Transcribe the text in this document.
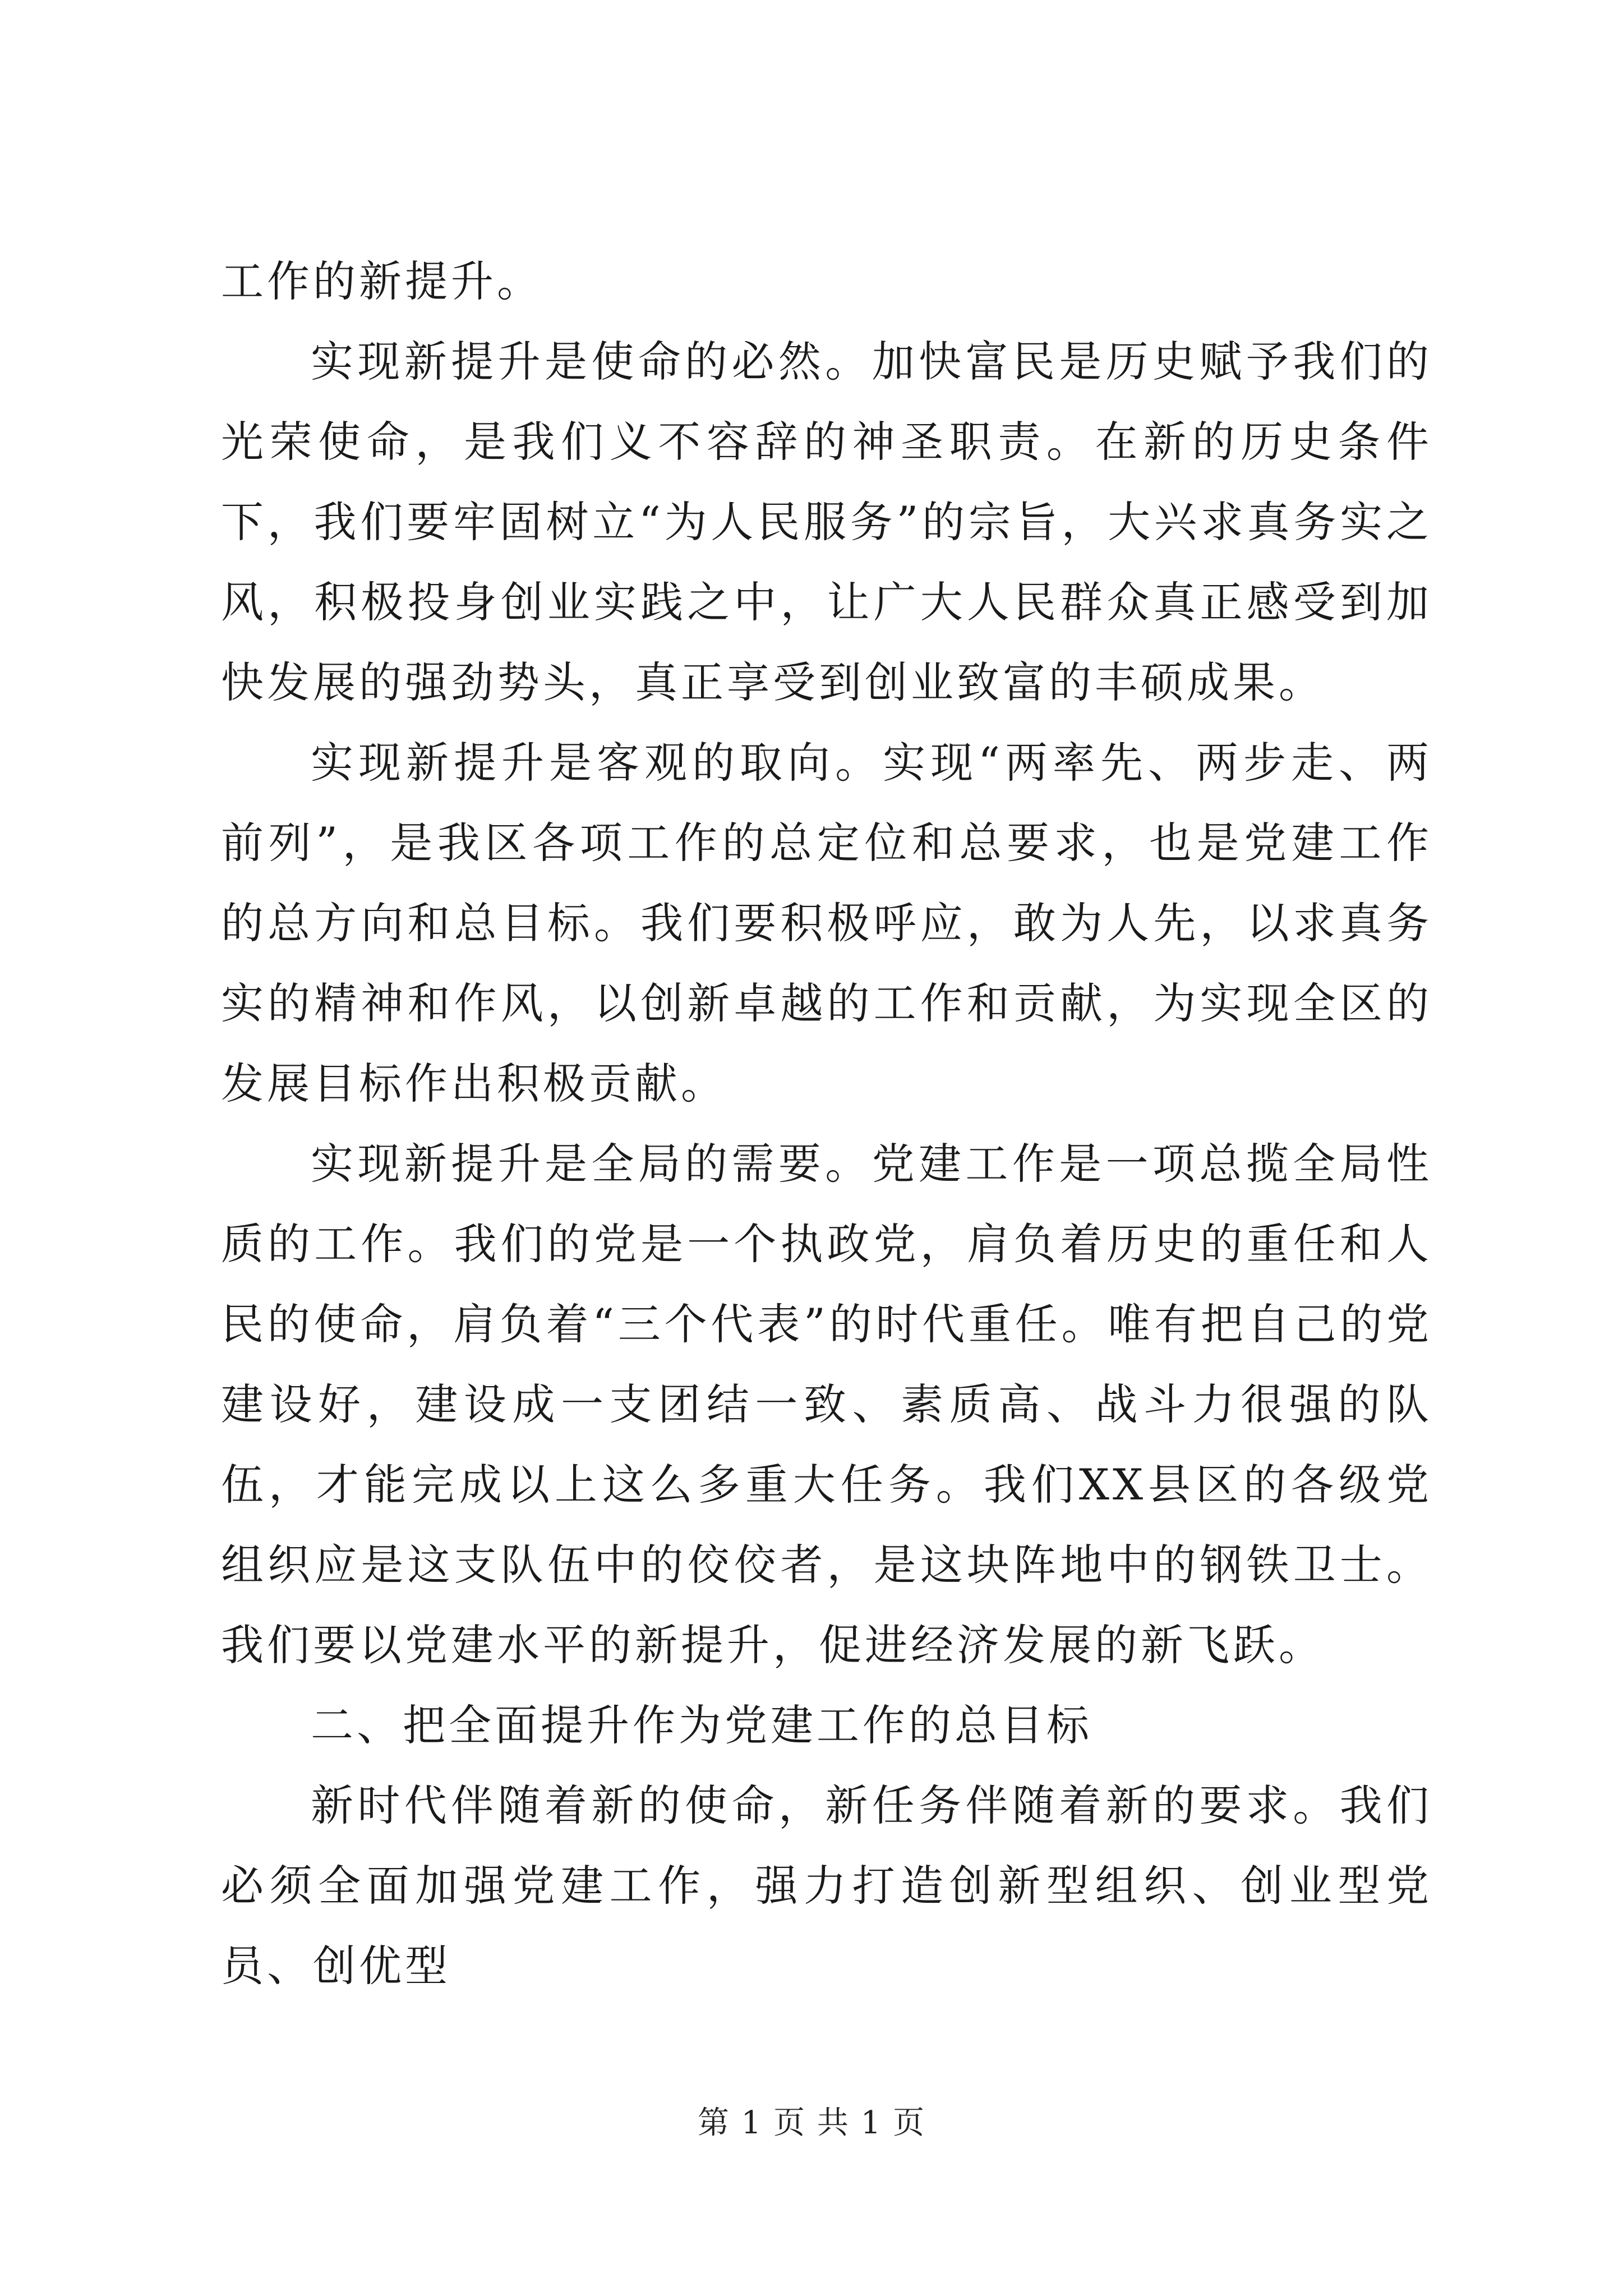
工作的新提升。

实现新提升是使命的必然。加快富民是历史赋予我们的光荣使命，是我们义不容辞的神圣职责。在新的历史条件下，我们要牢固树立“为人民服务”的宗旨，大兴求真务实之风，积极投身创业实践之中，让广大人民群众真正感受到加快发展的强劲势头，真正享受到创业致富的丰硕成果。

实现新提升是客观的取向。实现“两率先、两步走、两前列”，是我区各项工作的总定位和总要求，也是党建工作的总方向和总目标。我们要积极呼应，敢为人先，以求真务实的精神和作风，以创新卓越的工作和贡献，为实现全区的发展目标作出积极贡献。

实现新提升是全局的需要。党建工作是一项总揽全局性质的工作。我们的党是一个执政党，肩负着历史的重任和人民的使命，肩负着“三个代表”的时代重任。唯有把自己的党建设好，建设成一支团结一致、素质高、战斗力很强的队伍，才能完成以上这么多重大任务。我们XX县区的各级党组织应是这支队伍中的佼佼者，是这块阵地中的钢铁卫士。我们要以党建水平的新提升，促进经济发展的新飞跃。

二、把全面提升作为党建工作的总目标

新时代伴随着新的使命，新任务伴随着新的要求。我们必须全面加强党建工作，强力打造创新型组织、创业型党员、创优型

第 1 页 共 1 页
